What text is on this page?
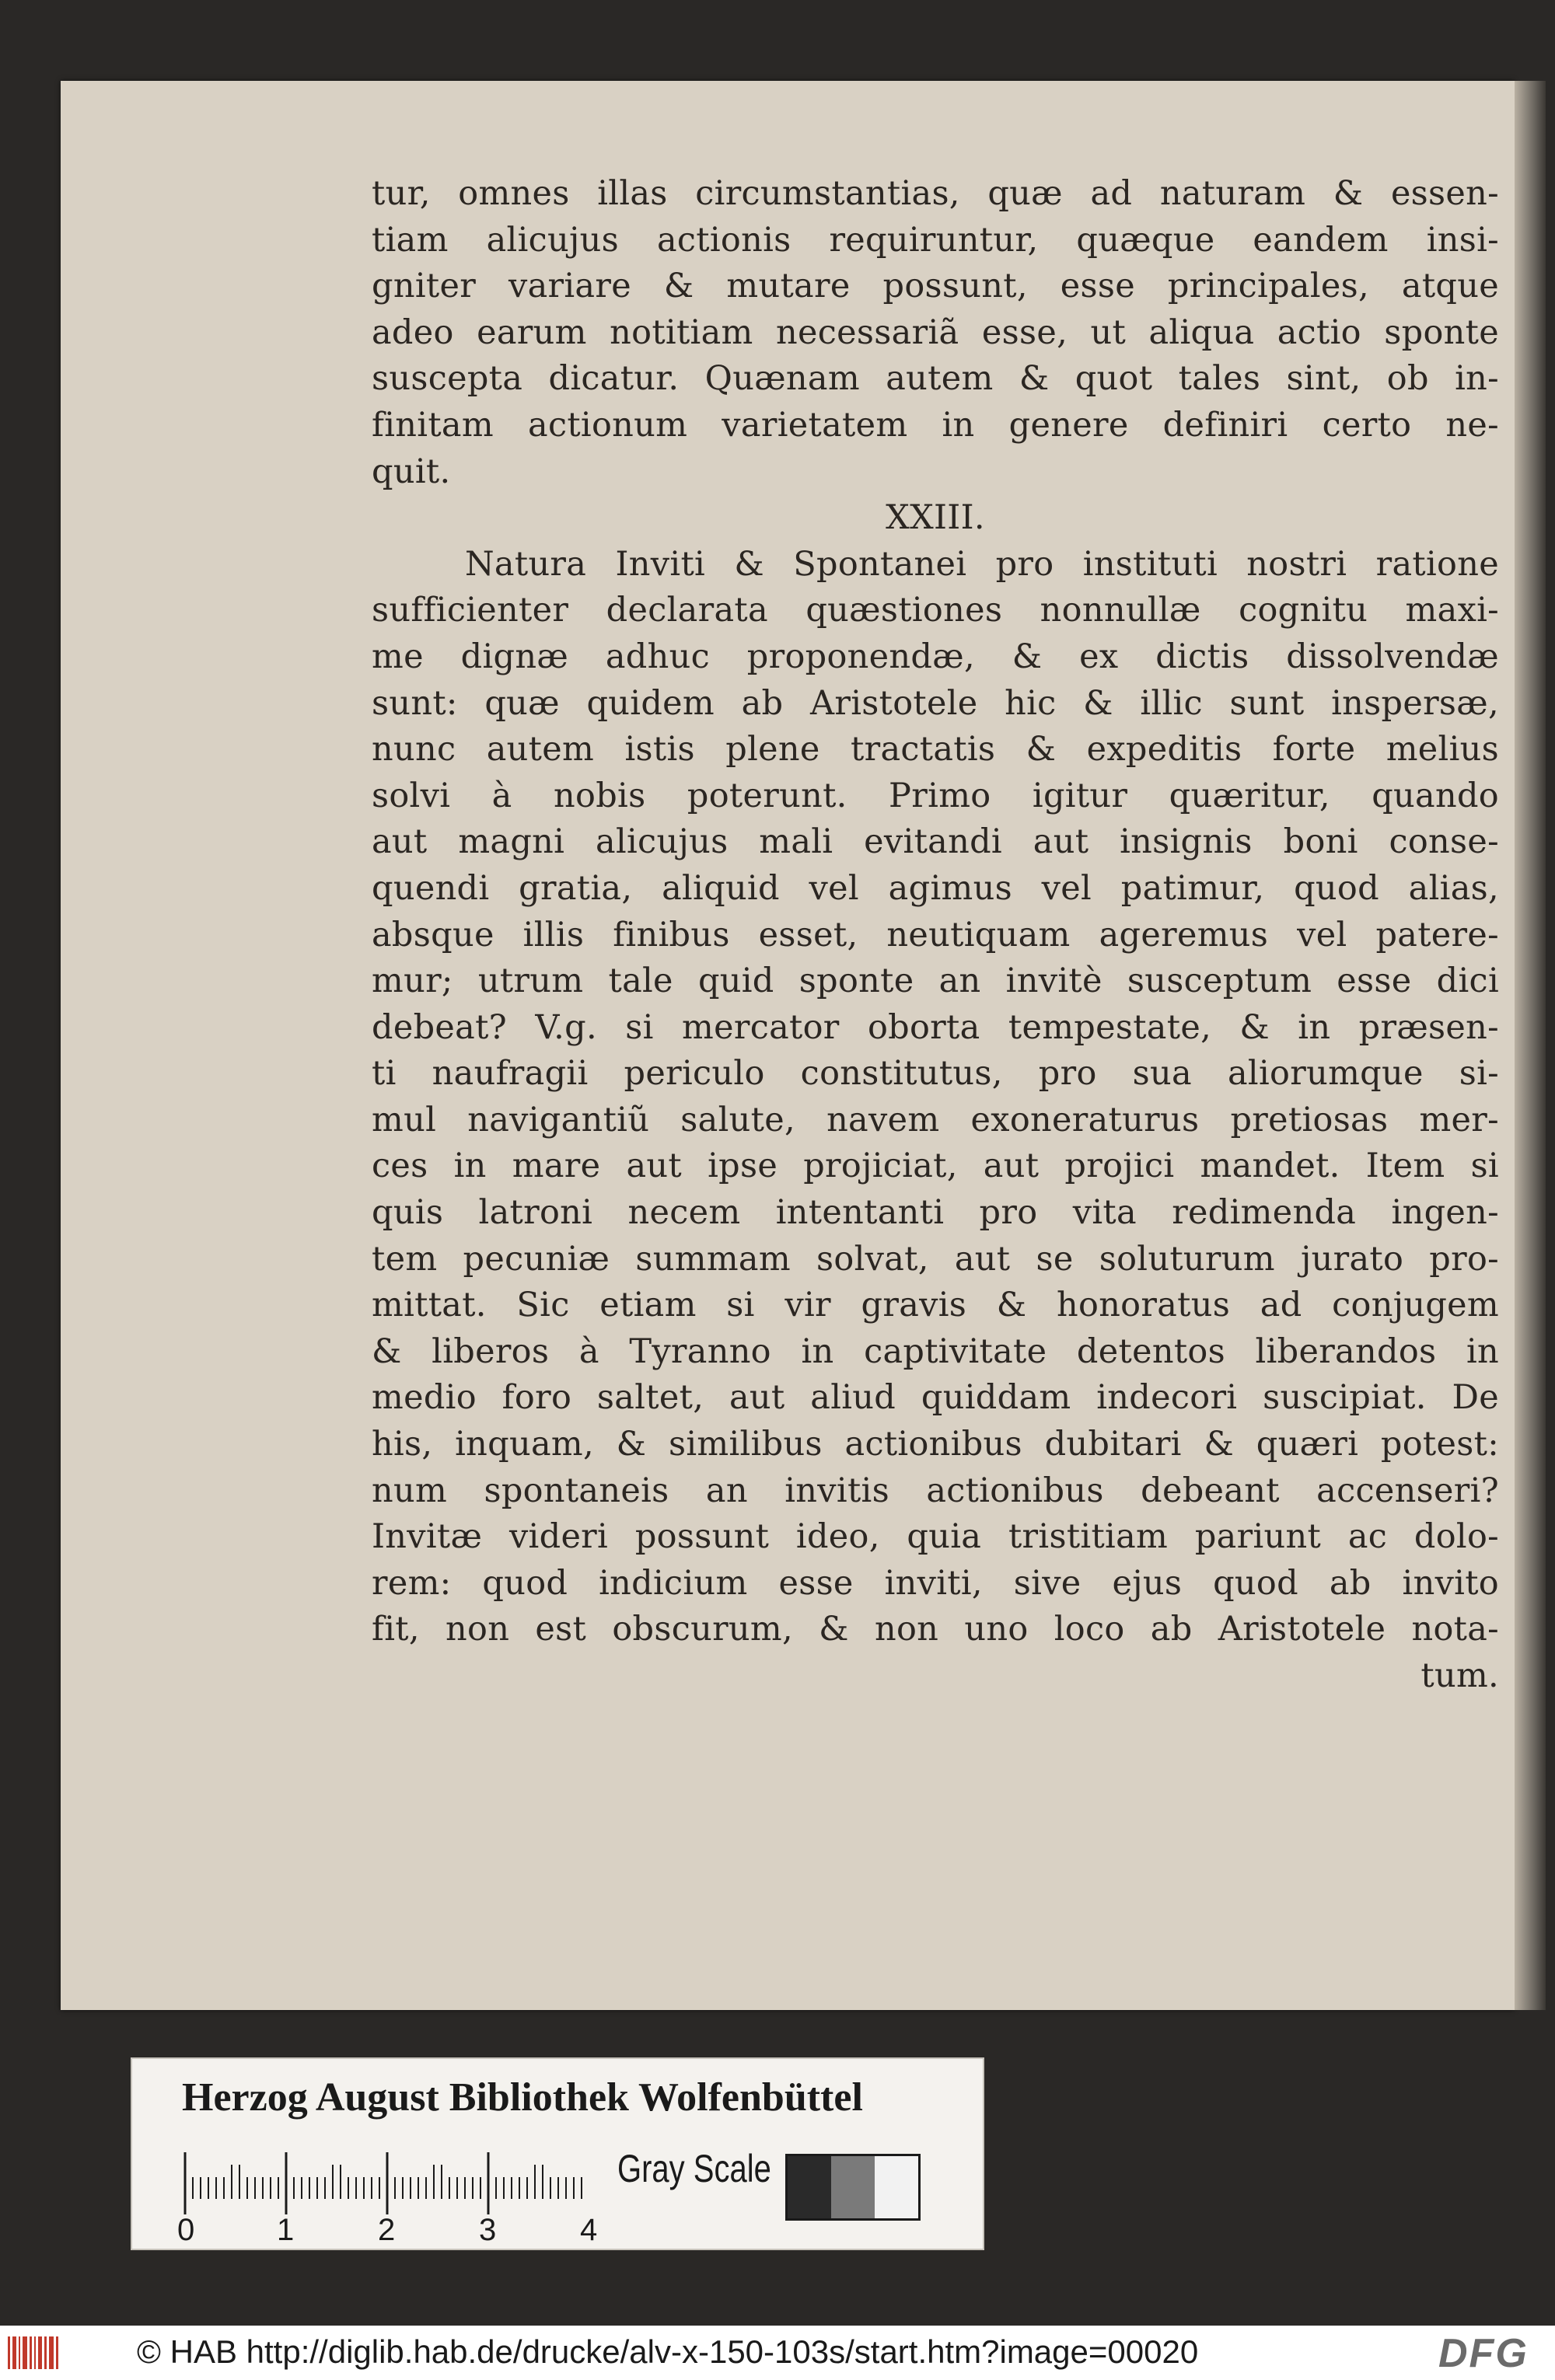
tur, omnes illas circumstantias, quæ ad naturam & essen-
tiam alicujus actionis requiruntur, quæque eandem insi-
gniter variare & mutare possunt, esse principales, atque
adeo earum notitiam necessariã esse, ut aliqua actio sponte
suscepta dicatur. Quænam autem & quot tales sint, ob in-
finitam actionum varietatem in genere definiri certo ne-
quit.
XXIII.
Natura Inviti & Spontanei pro instituti nostri ratione
sufficienter declarata quæstiones nonnullæ cognitu maxi-
me dignæ adhuc proponendæ, & ex dictis dissolvendæ
sunt: quæ quidem ab Aristotele hic & illic sunt inspersæ,
nunc autem istis plene tractatis & expeditis forte melius
solvi à nobis poterunt. Primo igitur quæritur, quando
aut magni alicujus mali evitandi aut insignis boni conse-
quendi gratia, aliquid vel agimus vel patimur, quod alias,
absque illis finibus esset, neutiquam ageremus vel patere-
mur; utrum tale quid sponte an invitè susceptum esse dici
debeat? V.g. si mercator oborta tempestate, & in præsen-
ti naufragii periculo constitutus, pro sua aliorumque si-
mul navigantiũ salute, navem exoneraturus pretiosas mer-
ces in mare aut ipse projiciat, aut projici mandet. Item si
quis latroni necem intentanti pro vita redimenda ingen-
tem pecuniæ summam solvat, aut se soluturum jurato pro-
mittat. Sic etiam si vir gravis & honoratus ad conjugem
& liberos à Tyranno in captivitate detentos liberandos in
medio foro saltet, aut aliud quiddam indecori suscipiat. De
his, inquam, & similibus actionibus dubitari & quæri potest:
num spontaneis an invitis actionibus debeant accenseri?
Invitæ videri possunt ideo, quia tristitiam pariunt ac dolo-
rem: quod indicium esse inviti, sive ejus quod ab invito
fit, non est obscurum, & non uno loco ab Aristotele nota-
tum.
Herzog August Bibliothek Wolfenbüttel
0	1	2	3	4
Gray Scale
© HAB http://diglib.hab.de/drucke/alv-x-150-103s/start.htm?image=00020	DFG
